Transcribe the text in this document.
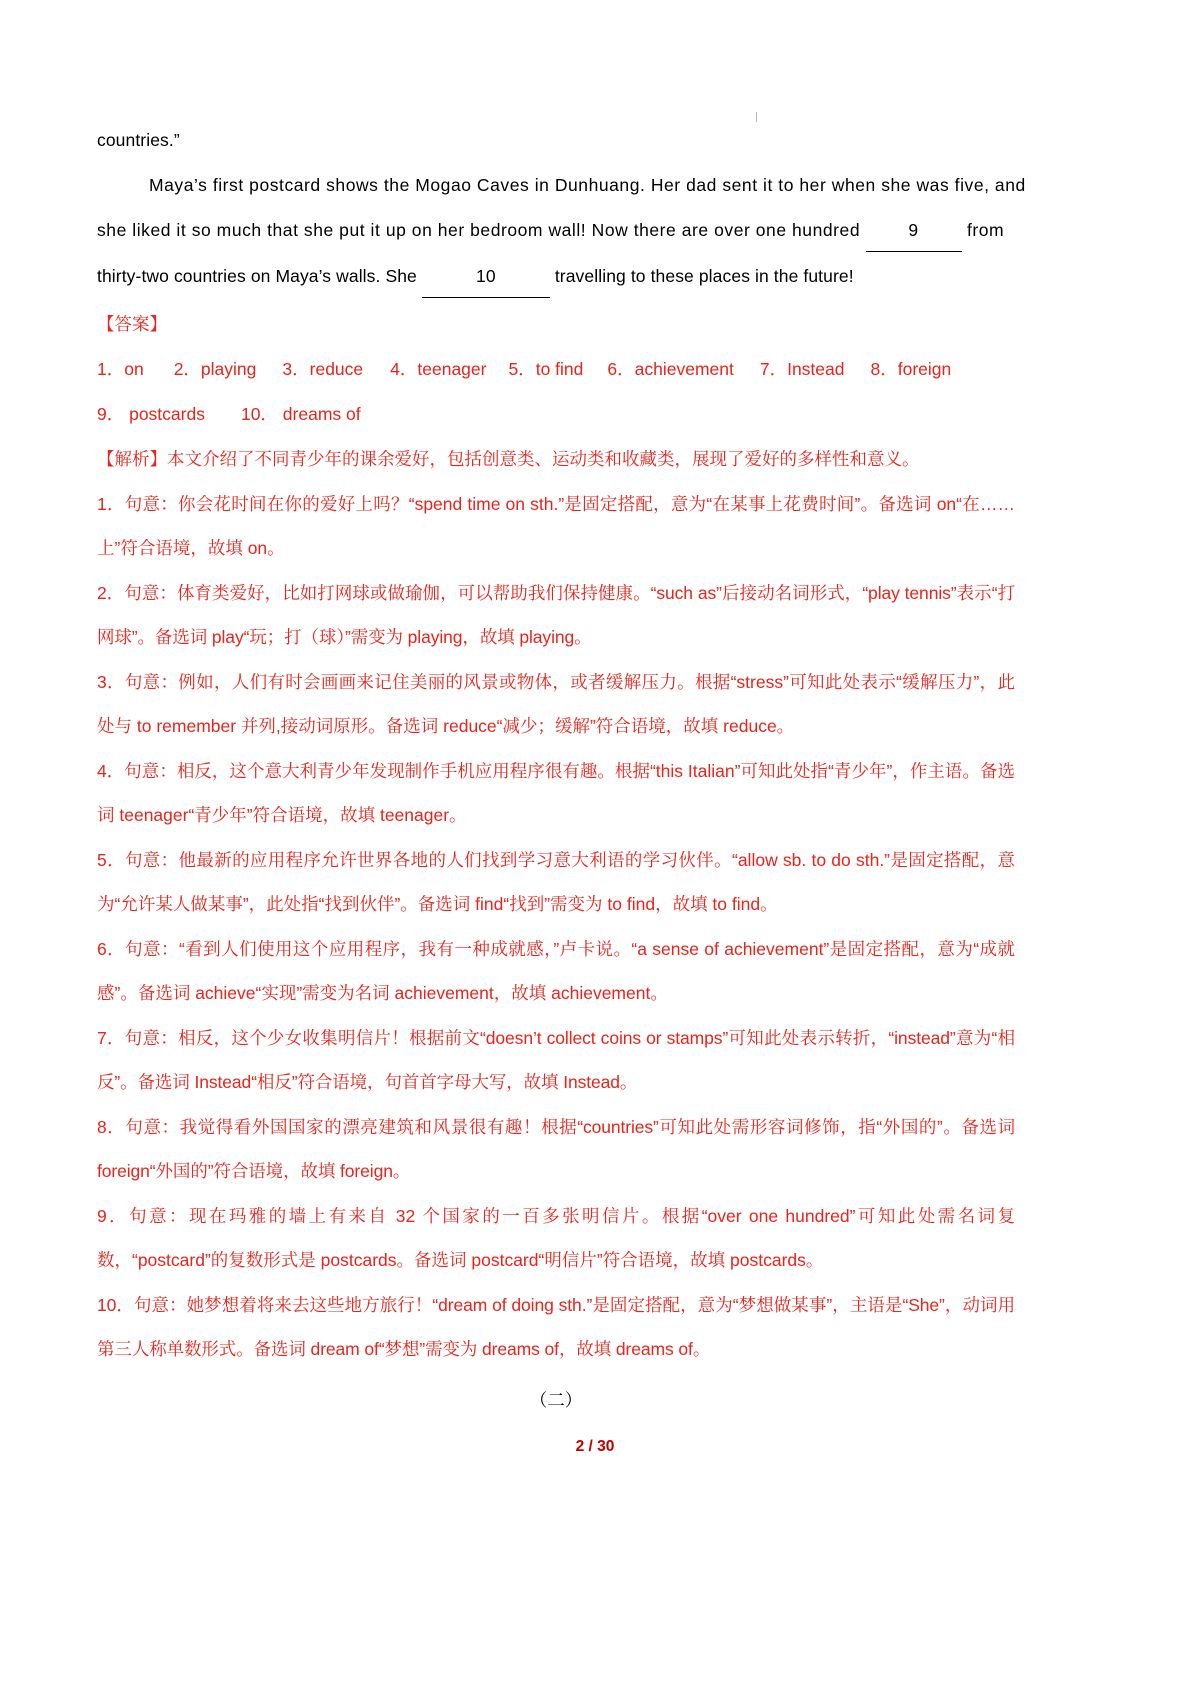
countries.”
Maya’s first postcard shows the Mogao Caves in Dunhuang. Her dad sent it to her when she was five, and
she liked it so much that she put it up on her bedroom wall! Now there are over one hundred	9	from
thirty-two countries on Maya’s walls. She	10	travelling to these places in the future!
【答案】
1．on 2．playing 3．reduce 4．teenager 5．to find 6．achievement 7．Instead 8．foreign
9． postcards 10． dreams of

【解析】本文介绍了不同青少年的课余爱好，包括创意类、运动类和收藏类，展现了爱好的多样性和意义。

1．句意：你会花时间在你的爱好上吗？“spend time on sth.”是固定搭配，意为“在某事上花费时间”。备选词 on“在……上”符合语境，故填 on。

2．句意：体育类爱好，比如打网球或做瑜伽，可以帮助我们保持健康。“such as”后接动名词形式，“play tennis”表示“打网球”。备选词 play“玩；打（球）”需变为 playing，故填 playing。

3．句意：例如，人们有时会画画来记住美丽的风景或物体，或者缓解压力。根据“stress”可知此处表示“缓解压力”，此处与 to remember 并列,接动词原形。备选词 reduce“减少；缓解”符合语境，故填 reduce。

4．句意：相反，这个意大利青少年发现制作手机应用程序很有趣。根据“this Italian”可知此处指“青少年”，作主语。备选词 teenager“青少年”符合语境，故填 teenager。

5．句意：他最新的应用程序允许世界各地的人们找到学习意大利语的学习伙伴。“allow sb. to do sth.”是固定搭配，意为“允许某人做某事”，此处指“找到伙伴”。备选词 find“找到”需变为 to find，故填 to find。

6．句意：“看到人们使用这个应用程序，我有一种成就感，”卢卡说。“a sense of achievement”是固定搭配，意为“成就感”。备选词 achieve“实现”需变为名词 achievement，故填 achievement。

7．句意：相反，这个少女收集明信片！根据前文“doesn’t collect coins or stamps”可知此处表示转折，“instead”意为“相反”。备选词 Instead“相反”符合语境，句首首字母大写，故填 Instead。

8．句意：我觉得看外国国家的漂亮建筑和风景很有趣！根据“countries”可知此处需形容词修饰，指“外国的”。备选词 foreign“外国的”符合语境，故填 foreign。

9．句意：现在玛雅的墙上有来自 32 个国家的一百多张明信片。根据“over one hundred”可知此处需名词复数，“postcard”的复数形式是 postcards。备选词 postcard“明信片”符合语境，故填 postcards。

10．句意：她梦想着将来去这些地方旅行！“dream of doing sth.”是固定搭配，意为“梦想做某事”，主语是“She”，动词用第三人称单数形式。备选词 dream of“梦想”需变为 dreams of，故填 dreams of。

（二）
2 / 30
